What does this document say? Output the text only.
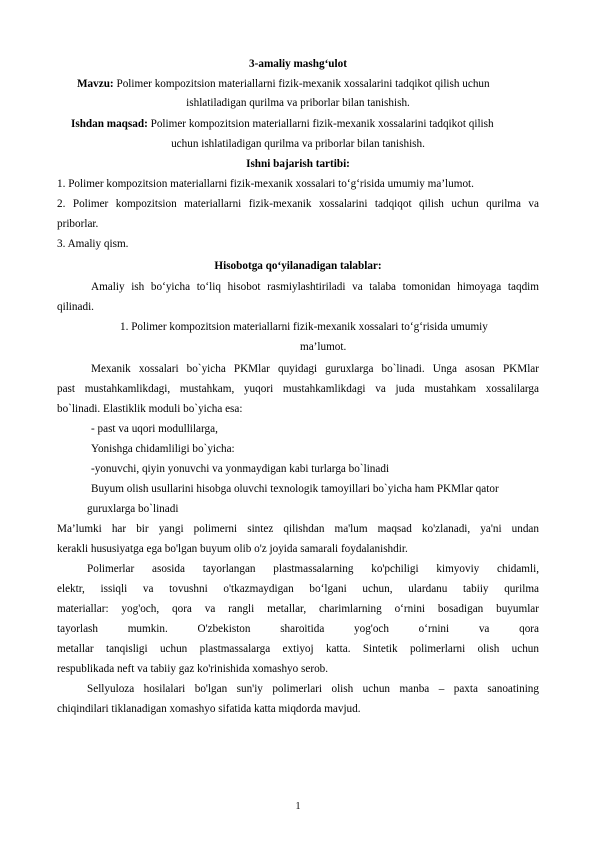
3-amaliy mashg‘ulot
Mavzu: Polimer kompozitsion materiallarni fizik-mexanik xossalarini tadqikot qilish uchun
ishlatiladigan qurilma va priborlar bilan tanishish.
Ishdan maqsad: Polimer kompozitsion materiallarni fizik-mexanik xossalarini tadqikot qilish
uchun ishlatiladigan qurilma va priborlar bilan tanishish.
Ishni bajarish tartibi:
1. Polimer kompozitsion materiallarni fizik-mexanik xossalari to‘g‘risida umumiy ma’lumot.
2. Polimer kompozitsion materiallarni fizik-mexanik xossalarini tadqiqot qilish uchun qurilma va
priborlar.
3. Amaliy qism.
Hisobotga qo‘yilanadigan talablar:
Amaliy ish bo‘yicha to‘liq hisobot rasmiylashtiriladi va talaba tomonidan himoyaga taqdim
qilinadi.
1. Polimer kompozitsion materiallarni fizik-mexanik xossalari to‘g‘risida umumiy
ma’lumot.
Mexanik xossalari bo`yicha PKMlar quyidagi guruxlarga bo`linadi. Unga asosan PKMlar
past mustahkamlikdagi, mustahkam, yuqori mustahkamlikdagi va juda mustahkam xossalilarga
bo`linadi. Elastiklik moduli bo`yicha esa:
- past va uqori modullilarga,
Yonishga chidamliligi bo`yicha:
-yonuvchi, qiyin yonuvchi va yonmaydigan kabi turlarga bo`linadi
Buyum olish usullarini hisobga oluvchi texnologik tamoyillari bo`yicha ham PKMlar qator
guruxlarga bo`linadi
Ma’lumki har bir yangi polimerni sintez qilishdan ma'lum maqsad ko'zlanadi, ya'ni undan
kerakli hususiyatga ega bo'lgan buyum olib o'z joyida samarali foydalanishdir.
Polimerlar asosida tayorlangan plastmassalarning ko'pchiligi kimyoviy chidamli,
elektr, issiqli va tovushni o'tkazmaydigan bo‘lgani uchun, ulardanu tabiiy qurilma
materiallar: yog'och, qora va rangli metallar, charimlarning o‘rnini bosadigan buyumlar
tayorlash mumkin. O'zbekiston sharoitida yog'och o‘rnini va qora
metallar tanqisligi uchun plastmassalarga extiyoj katta. Sintetik polimerlarni olish uchun
respublikada neft va tabiiy gaz ko'rinishida xomashyo serob.
Sellyuloza hosilalari bo'lgan sun'iy polimerlari olish uchun manba – paxta sanoatining
chiqindilari tiklanadigan xomashyo sifatida katta miqdorda mavjud.
1
